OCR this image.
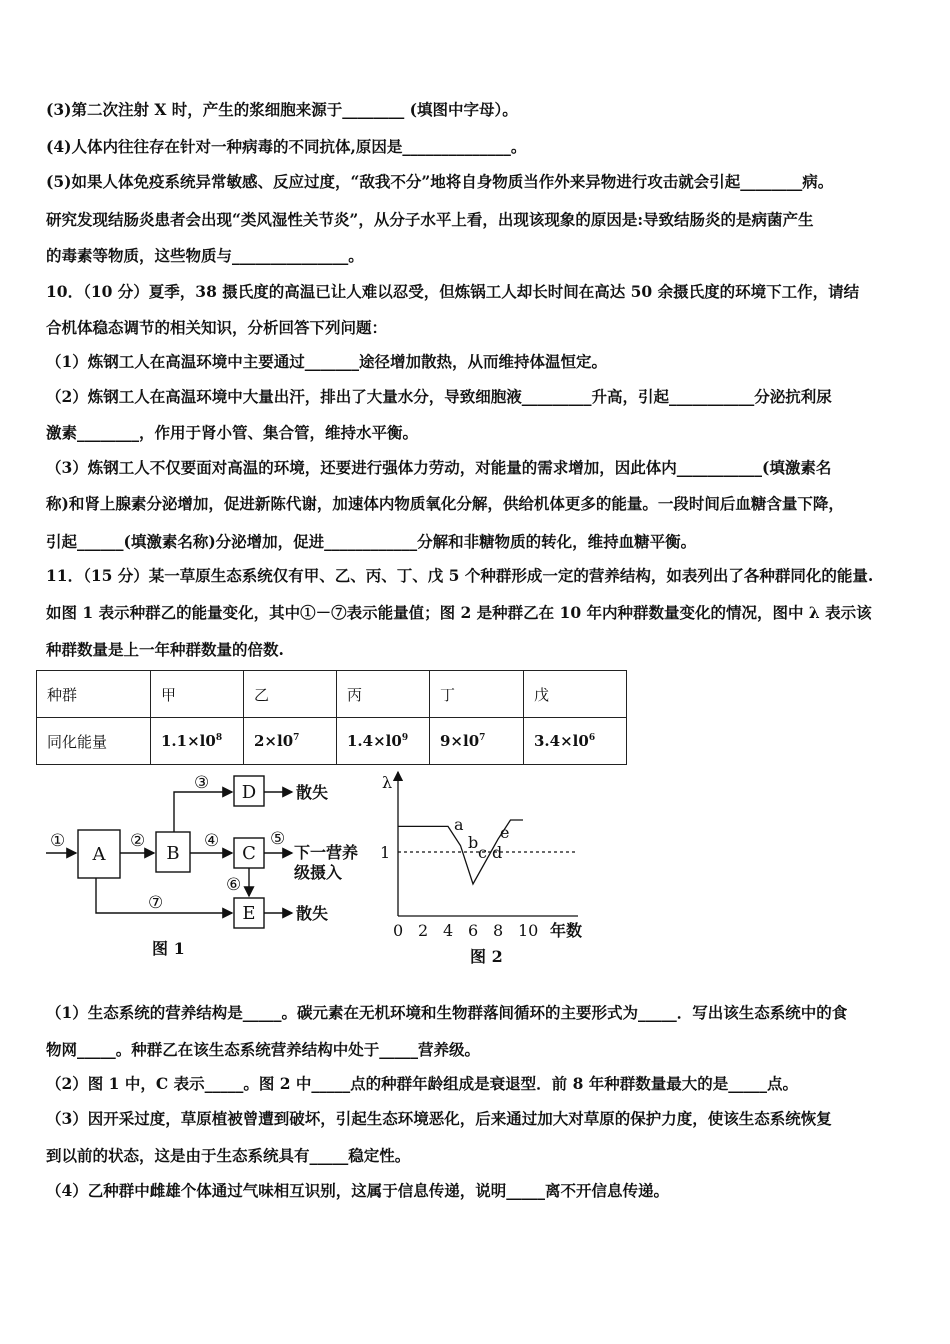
(3)第二次注射 X 时，产生的浆细胞来源于________ (填图中字母）。
(4)人体内往往存在针对一种病毒的不同抗体,原因是______________。
(5)如果人体免疫系统异常敏感、反应过度，“敌我不分”地将自身物质当作外来异物进行攻击就会引起________病。
研究发现结肠炎患者会出现“类风湿性关节炎”，从分子水平上看，出现该现象的原因是:导致结肠炎的是病菌产生
的毒素等物质，这些物质与_______________。
10．（10 分）夏季，38 摄氏度的高温已让人难以忍受，但炼锅工人却长时间在高达 50 余摄氏度的环境下工作，请结
合机体稳态调节的相关知识，分析回答下列问题：
（1）炼钢工人在高温环境中主要通过_______途径增加散热，从而维持体温恒定。
（2）炼钢工人在高温环境中大量出汗，排出了大量水分，导致细胞液_________升高，引起___________分泌抗利尿
激素________，作用于肾小管、集合管，维持水平衡。
（3）炼钢工人不仅要面对高温的环境，还要进行强体力劳动，对能量的需求增加，因此体内___________(填激素名
称)和肾上腺素分泌增加，促进新陈代谢，加速体内物质氧化分解，供给机体更多的能量。一段时间后血糖含量下降，
引起______(填激素名称)分泌增加，促进____________分解和非糖物质的转化，维持血糖平衡。
11．（15 分）某一草原生态系统仅有甲、乙、丙、丁、戊 5 个种群形成一定的营养结构，如表列出了各种群同化的能量.
如图 1 表示种群乙的能量变化，其中①－⑦表示能量值；图 2 是种群乙在 10 年内种群数量变化的情况，图中 λ 表示该
种群数量是上一年种群数量的倍数.
种群	甲	乙	丙	丁	戊
同化能量	$1.1\times l0^8$	$2\times l0^7$	$1.4\times l0^9$	$9\times l0^7$	$3.4\times l0^6$
①	②
③
④	⑤
⑥
⑦
A	B
D
C
E
散失
下一营养
级摄入
散失
图 1
λ
1
0 2 4 6 8 10 年数
a
b
c d
e
图 2
（1）生态系统的营养结构是_____。碳元素在无机环境和生物群落间循环的主要形式为_____．写出该生态系统中的食
物网_____。种群乙在该生态系统营养结构中处于_____营养级。
（2）图 1 中，C 表示_____。图 2 中_____点的种群年龄组成是衰退型．前 8 年种群数量最大的是_____点。
（3）因开采过度，草原植被曾遭到破坏，引起生态环境恶化，后来通过加大对草原的保护力度，使该生态系统恢复
到以前的状态，这是由于生态系统具有_____稳定性。
（4）乙种群中雌雄个体通过气味相互识别，这属于信息传递，说明_____离不开信息传递。
